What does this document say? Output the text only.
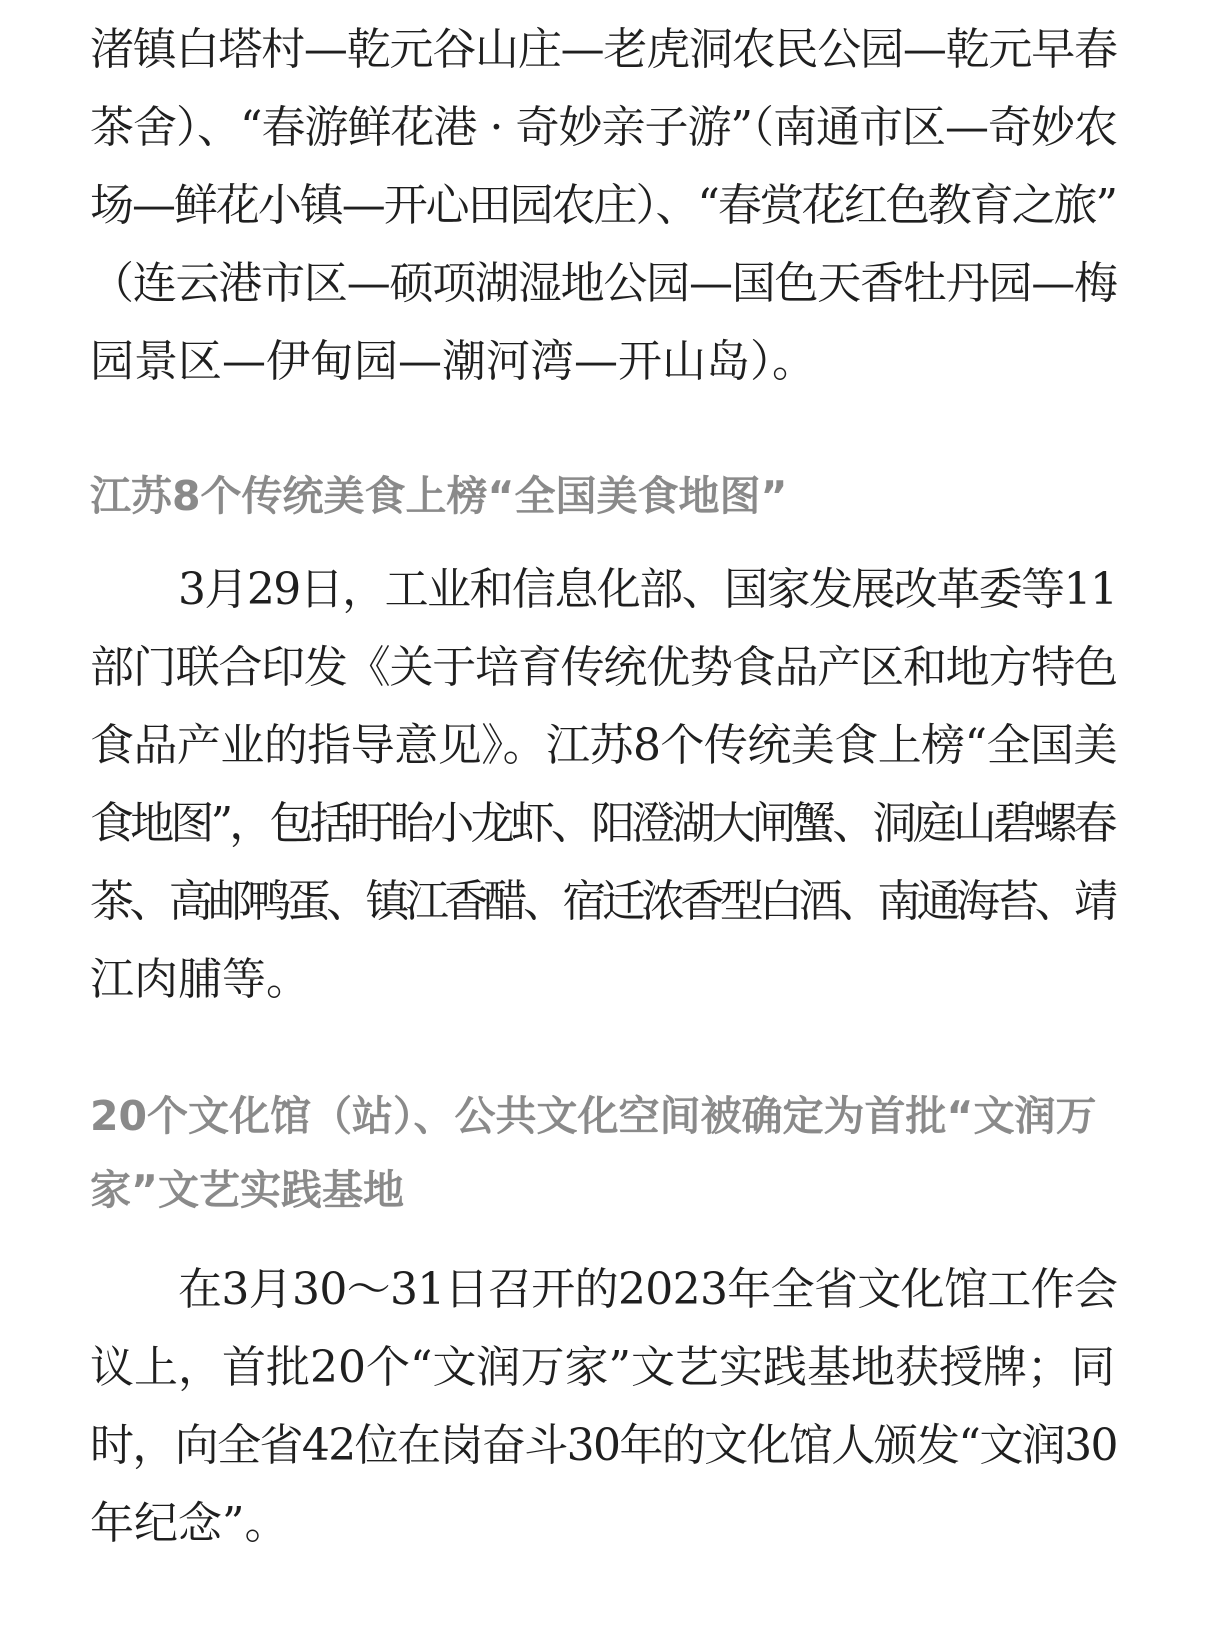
渚镇白塔村—乾元谷山庄—老虎洞农民公园—乾元早春

茶舍）、“春游鲜花港 · 奇妙亲子游”（南通市区—奇妙农

场—鲜花小镇—开心田园农庄）、“春赏花红色教育之旅”

（连云港市区—硕项湖湿地公园—国色天香牡丹园—梅

园景区—伊甸园—潮河湾—开山岛）。

江苏8个传统美食上榜“全国美食地图”

3月29日，工业和信息化部、国家发展改革委等11

部门联合印发《关于培育传统优势食品产区和地方特色

食品产业的指导意见》。江苏8个传统美食上榜“全国美

食地图”，包括盱眙小龙虾、阳澄湖大闸蟹、洞庭山碧螺春

茶、高邮鸭蛋、镇江香醋、宿迁浓香型白酒、南通海苔、靖

江肉脯等。

20个文化馆（站）、公共文化空间被确定为首批“文润万
家”文艺实践基地

在3月30～31日召开的2023年全省文化馆工作会

议上，首批20个“文润万家”文艺实践基地获授牌；同

时，向全省42位在岗奋斗30年的文化馆人颁发“文润30

年纪念”。
